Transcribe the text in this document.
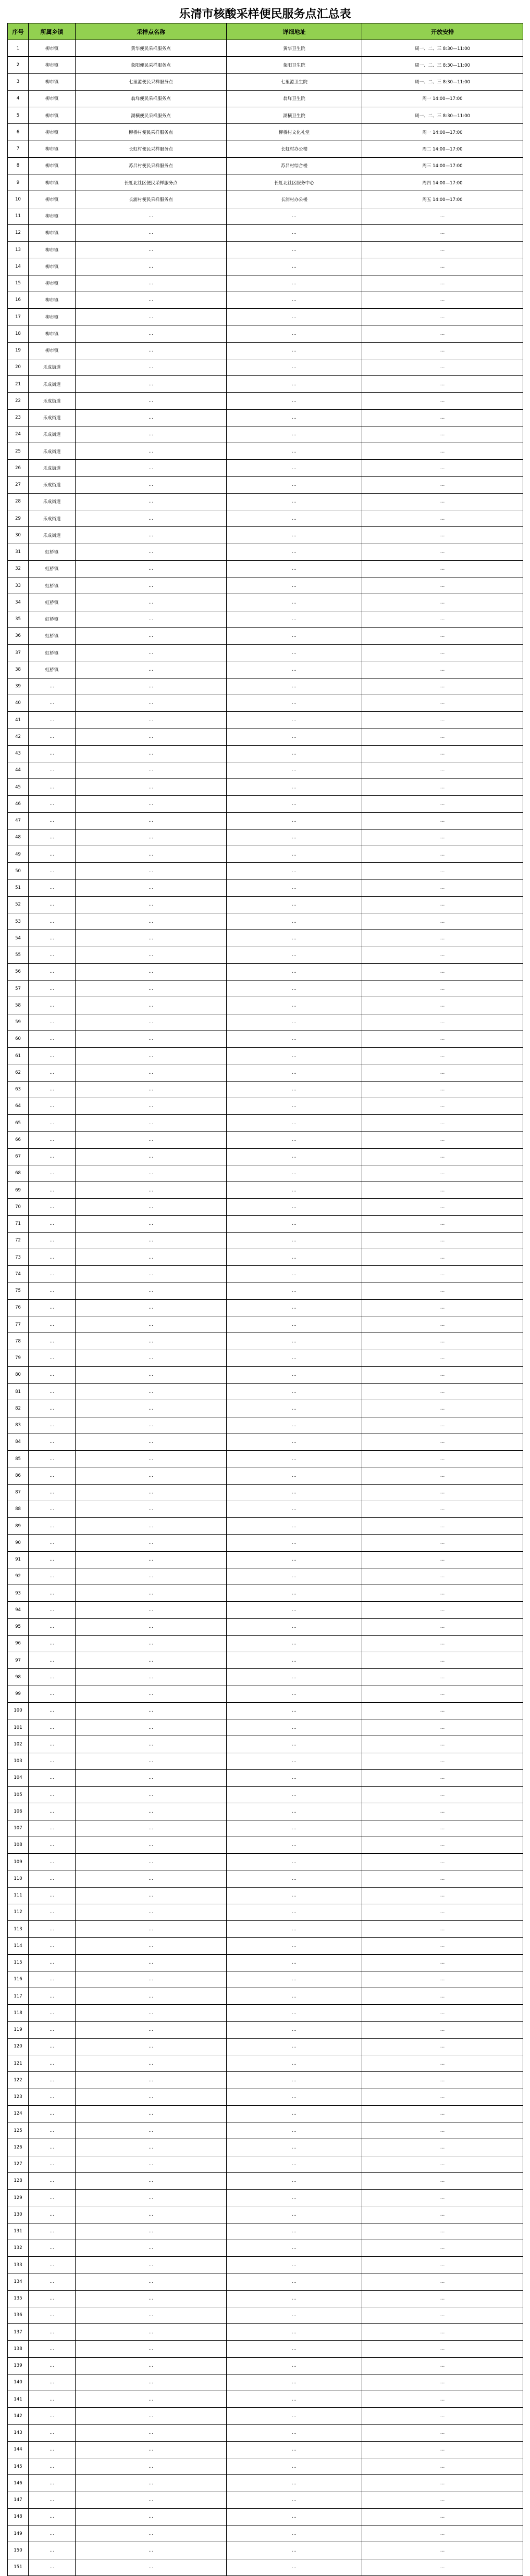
乐清市核酸采样便民服务点汇总表
序号	所属乡镇	采样点名称	详细地址	开放安排
1	柳市镇	黄华便民采样服务点	黄华卫生院	周一、二、三 8:30—11:00
2	柳市镇	象阳便民采样服务点	象阳卫生院	周一、二、三 8:30—11:00
3	柳市镇	七里港便民采样服务点	七里港卫生院	周一、二、三 8:30—11:00
4	柳市镇	翁垟便民采样服务点	翁垟卫生院	周一 14:00—17:00
5	柳市镇	湖横便民采样服务点	湖横卫生院	周一、二、三 8:30—11:00
6	柳市镇	柳桥村便民采样服务点	柳桥村文化礼堂	周一 14:00—17:00
7	柳市镇	长虹村便民采样服务点	长虹村办公楼	周二 14:00—17:00
8	柳市镇	苏吕村便民采样服务点	苏吕村综合楼	周三 14:00—17:00
9	柳市镇	长虹北社区便民采样服务点	长虹北社区服务中心	周四 14:00—17:00
10	柳市镇	长浦村便民采样服务点	长浦村办公楼	周五 14:00—17:00
11	柳市镇	…	…	…
12	柳市镇	…	…	…
13	柳市镇	…	…	…
14	柳市镇	…	…	…
15	柳市镇	…	…	…
16	柳市镇	…	…	…
17	柳市镇	…	…	…
18	柳市镇	…	…	…
19	柳市镇	…	…	…
20	乐成街道	…	…	…
21	乐成街道	…	…	…
22	乐成街道	…	…	…
23	乐成街道	…	…	…
24	乐成街道	…	…	…
25	乐成街道	…	…	…
26	乐成街道	…	…	…
27	乐成街道	…	…	…
28	乐成街道	…	…	…
29	乐成街道	…	…	…
30	乐成街道	…	…	…
31	虹桥镇	…	…	…
32	虹桥镇	…	…	…
33	虹桥镇	…	…	…
34	虹桥镇	…	…	…
35	虹桥镇	…	…	…
36	虹桥镇	…	…	…
37	虹桥镇	…	…	…
38	虹桥镇	…	…	…
39	…	…	…	…
40	…	…	…	…
41	…	…	…	…
42	…	…	…	…
43	…	…	…	…
44	…	…	…	…
45	…	…	…	…
46	…	…	…	…
47	…	…	…	…
48	…	…	…	…
49	…	…	…	…
50	…	…	…	…
51	…	…	…	…
52	…	…	…	…
53	…	…	…	…
54	…	…	…	…
55	…	…	…	…
56	…	…	…	…
57	…	…	…	…
58	…	…	…	…
59	…	…	…	…
60	…	…	…	…
61	…	…	…	…
62	…	…	…	…
63	…	…	…	…
64	…	…	…	…
65	…	…	…	…
66	…	…	…	…
67	…	…	…	…
68	…	…	…	…
69	…	…	…	…
70	…	…	…	…
71	…	…	…	…
72	…	…	…	…
73	…	…	…	…
74	…	…	…	…
75	…	…	…	…
76	…	…	…	…
77	…	…	…	…
78	…	…	…	…
79	…	…	…	…
80	…	…	…	…
81	…	…	…	…
82	…	…	…	…
83	…	…	…	…
84	…	…	…	…
85	…	…	…	…
86	…	…	…	…
87	…	…	…	…
88	…	…	…	…
89	…	…	…	…
90	…	…	…	…
91	…	…	…	…
92	…	…	…	…
93	…	…	…	…
94	…	…	…	…
95	…	…	…	…
96	…	…	…	…
97	…	…	…	…
98	…	…	…	…
99	…	…	…	…
100	…	…	…	…
101	…	…	…	…
102	…	…	…	…
103	…	…	…	…
104	…	…	…	…
105	…	…	…	…
106	…	…	…	…
107	…	…	…	…
108	…	…	…	…
109	…	…	…	…
110	…	…	…	…
111	…	…	…	…
112	…	…	…	…
113	…	…	…	…
114	…	…	…	…
115	…	…	…	…
116	…	…	…	…
117	…	…	…	…
118	…	…	…	…
119	…	…	…	…
120	…	…	…	…
121	…	…	…	…
122	…	…	…	…
123	…	…	…	…
124	…	…	…	…
125	…	…	…	…
126	…	…	…	…
127	…	…	…	…
128	…	…	…	…
129	…	…	…	…
130	…	…	…	…
131	…	…	…	…
132	…	…	…	…
133	…	…	…	…
134	…	…	…	…
135	…	…	…	…
136	…	…	…	…
137	…	…	…	…
138	…	…	…	…
139	…	…	…	…
140	…	…	…	…
141	…	…	…	…
142	…	…	…	…
143	…	…	…	…
144	…	…	…	…
145	…	…	…	…
146	…	…	…	…
147	…	…	…	…
148	…	…	…	…
149	…	…	…	…
150	…	…	…	…
151	…	…	…	…
